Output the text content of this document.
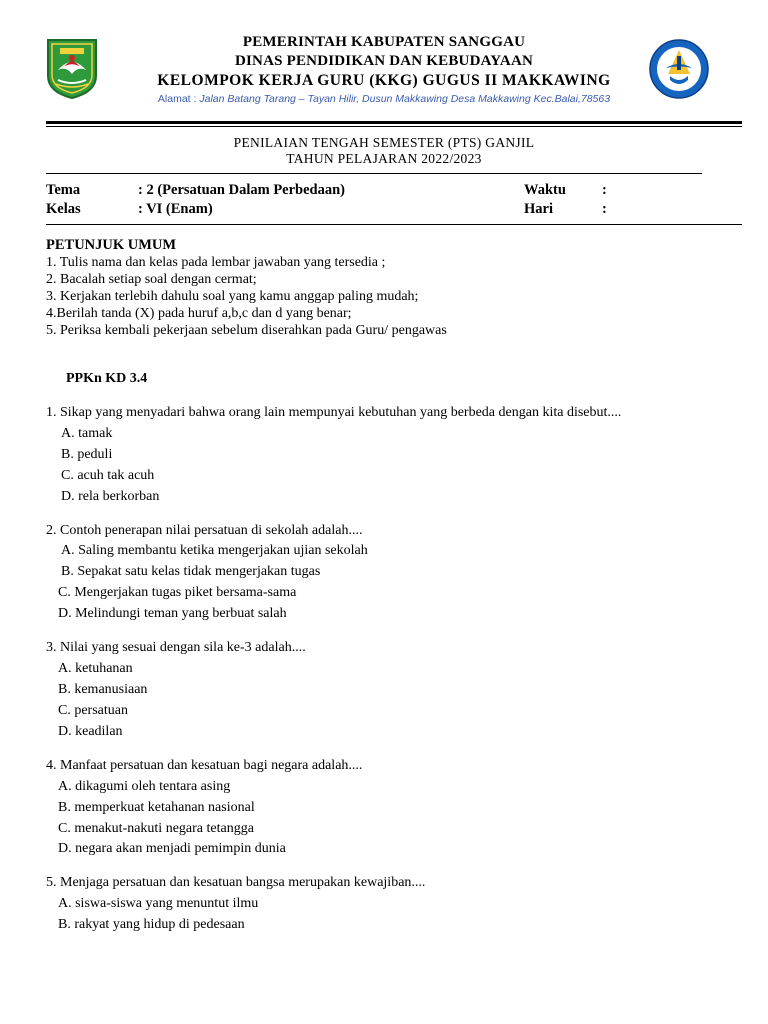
PEMERINTAH KABUPATEN SANGGAU
DINAS PENDIDIKAN DAN KEBUDAYAAN
KELOMPOK KERJA GURU (KKG) GUGUS II MAKKAWING
Alamat : Jalan Batang Tarang – Tayan Hilir, Dusun Makkawing Desa Makkawing Kec.Balai,78563
PENILAIAN TENGAH SEMESTER (PTS) GANJIL
TAHUN PELAJARAN 2022/2023
Tema	: 2 (Persatuan Dalam Perbedaan)	Waktu :
Kelas	: VI (Enam)	Hari	:
PETUNJUK UMUM
1. Tulis nama dan kelas pada lembar jawaban yang tersedia ;
2. Bacalah setiap soal dengan cermat;
3. Kerjakan terlebih dahulu soal yang kamu anggap paling mudah;
4.Berilah tanda (X) pada huruf a,b,c dan d yang benar;
5. Periksa kembali pekerjaan sebelum diserahkan pada Guru/ pengawas
PPKn KD 3.4
1. Sikap yang menyadari bahwa orang lain mempunyai kebutuhan yang berbeda dengan kita disebut....
A. tamak
B. peduli
C. acuh tak acuh
D. rela berkorban
2. Contoh penerapan nilai persatuan di sekolah adalah....
A. Saling membantu ketika mengerjakan ujian sekolah
B. Sepakat satu kelas tidak mengerjakan tugas
C. Mengerjakan tugas piket bersama-sama
D. Melindungi teman yang berbuat salah
3. Nilai yang sesuai dengan sila ke-3 adalah....
A. ketuhanan
B. kemanusiaan
C. persatuan
D. keadilan
4. Manfaat persatuan dan kesatuan bagi negara adalah....
A. dikagumi oleh tentara asing
B. memperkuat ketahanan nasional
C. menakut-nakuti negara tetangga
D. negara akan menjadi pemimpin dunia
5. Menjaga persatuan dan kesatuan bangsa merupakan kewajiban....
A. siswa-siswa yang menuntut ilmu
B. rakyat yang hidup di pedesaan
